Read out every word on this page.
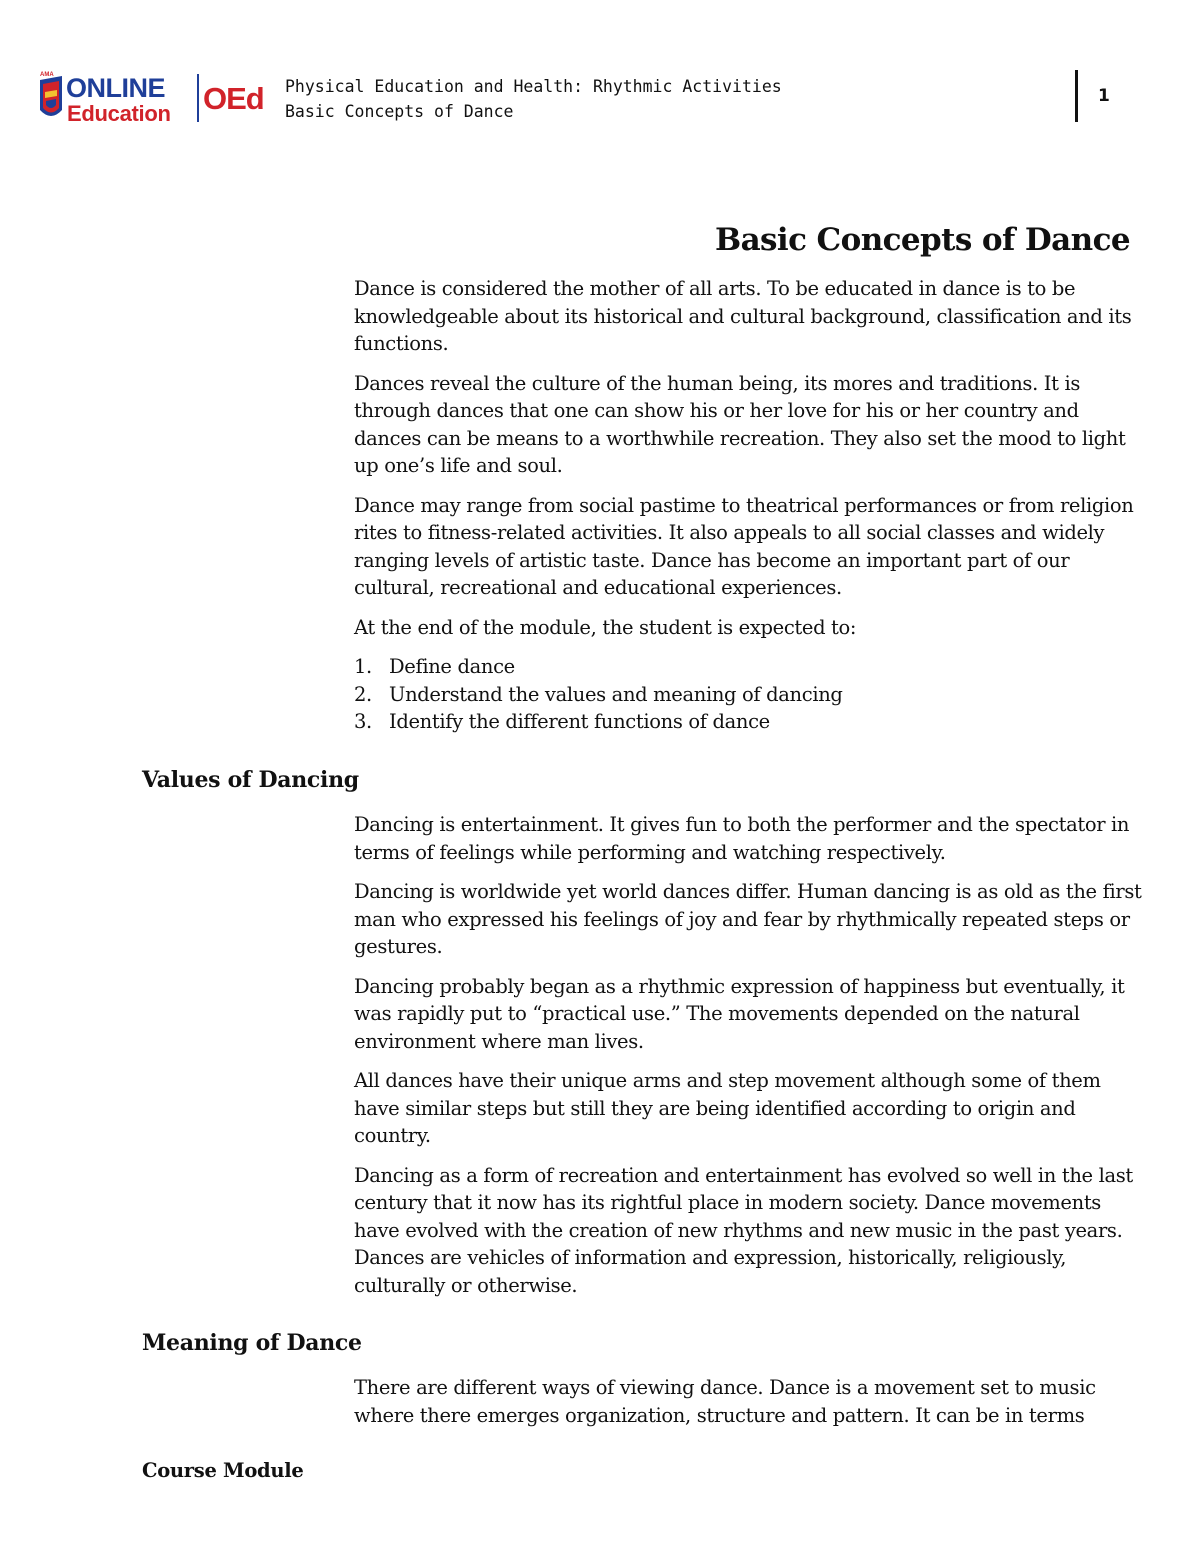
AMA ONLINE
Education OEd Physical Education and Health: Rhythmic Activities
Basic Concepts of Dance
1
Basic Concepts of Dance

Dance is considered the mother of all arts. To be educated in dance is to be knowledgeable about its historical and cultural background, classification and its functions.

Dances reveal the culture of the human being, its mores and traditions. It is through dances that one can show his or her love for his or her country and dances can be means to a worthwhile recreation. They also set the mood to light up one’s life and soul.

Dance may range from social pastime to theatrical performances or from religion rites to fitness-related activities. It also appeals to all social classes and widely ranging levels of artistic taste. Dance has become an important part of our cultural, recreational and educational experiences.

At the end of the module, the student is expected to:

1. Define dance
2. Understand the values and meaning of dancing
3. Identify the different functions of dance
Values of Dancing

Dancing is entertainment. It gives fun to both the performer and the spectator in terms of feelings while performing and watching respectively.

Dancing is worldwide yet world dances differ. Human dancing is as old as the first man who expressed his feelings of joy and fear by rhythmically repeated steps or gestures.

Dancing probably began as a rhythmic expression of happiness but eventually, it was rapidly put to “practical use.” The movements depended on the natural environment where man lives.

All dances have their unique arms and step movement although some of them have similar steps but still they are being identified according to origin and country.

Dancing as a form of recreation and entertainment has evolved so well in the last century that it now has its rightful place in modern society. Dance movements have evolved with the creation of new rhythms and new music in the past years. Dances are vehicles of information and expression, historically, religiously, culturally or otherwise.

Meaning of Dance

There are different ways of viewing dance. Dance is a movement set to music where there emerges organization, structure and pattern. It can be in terms

Course Module
